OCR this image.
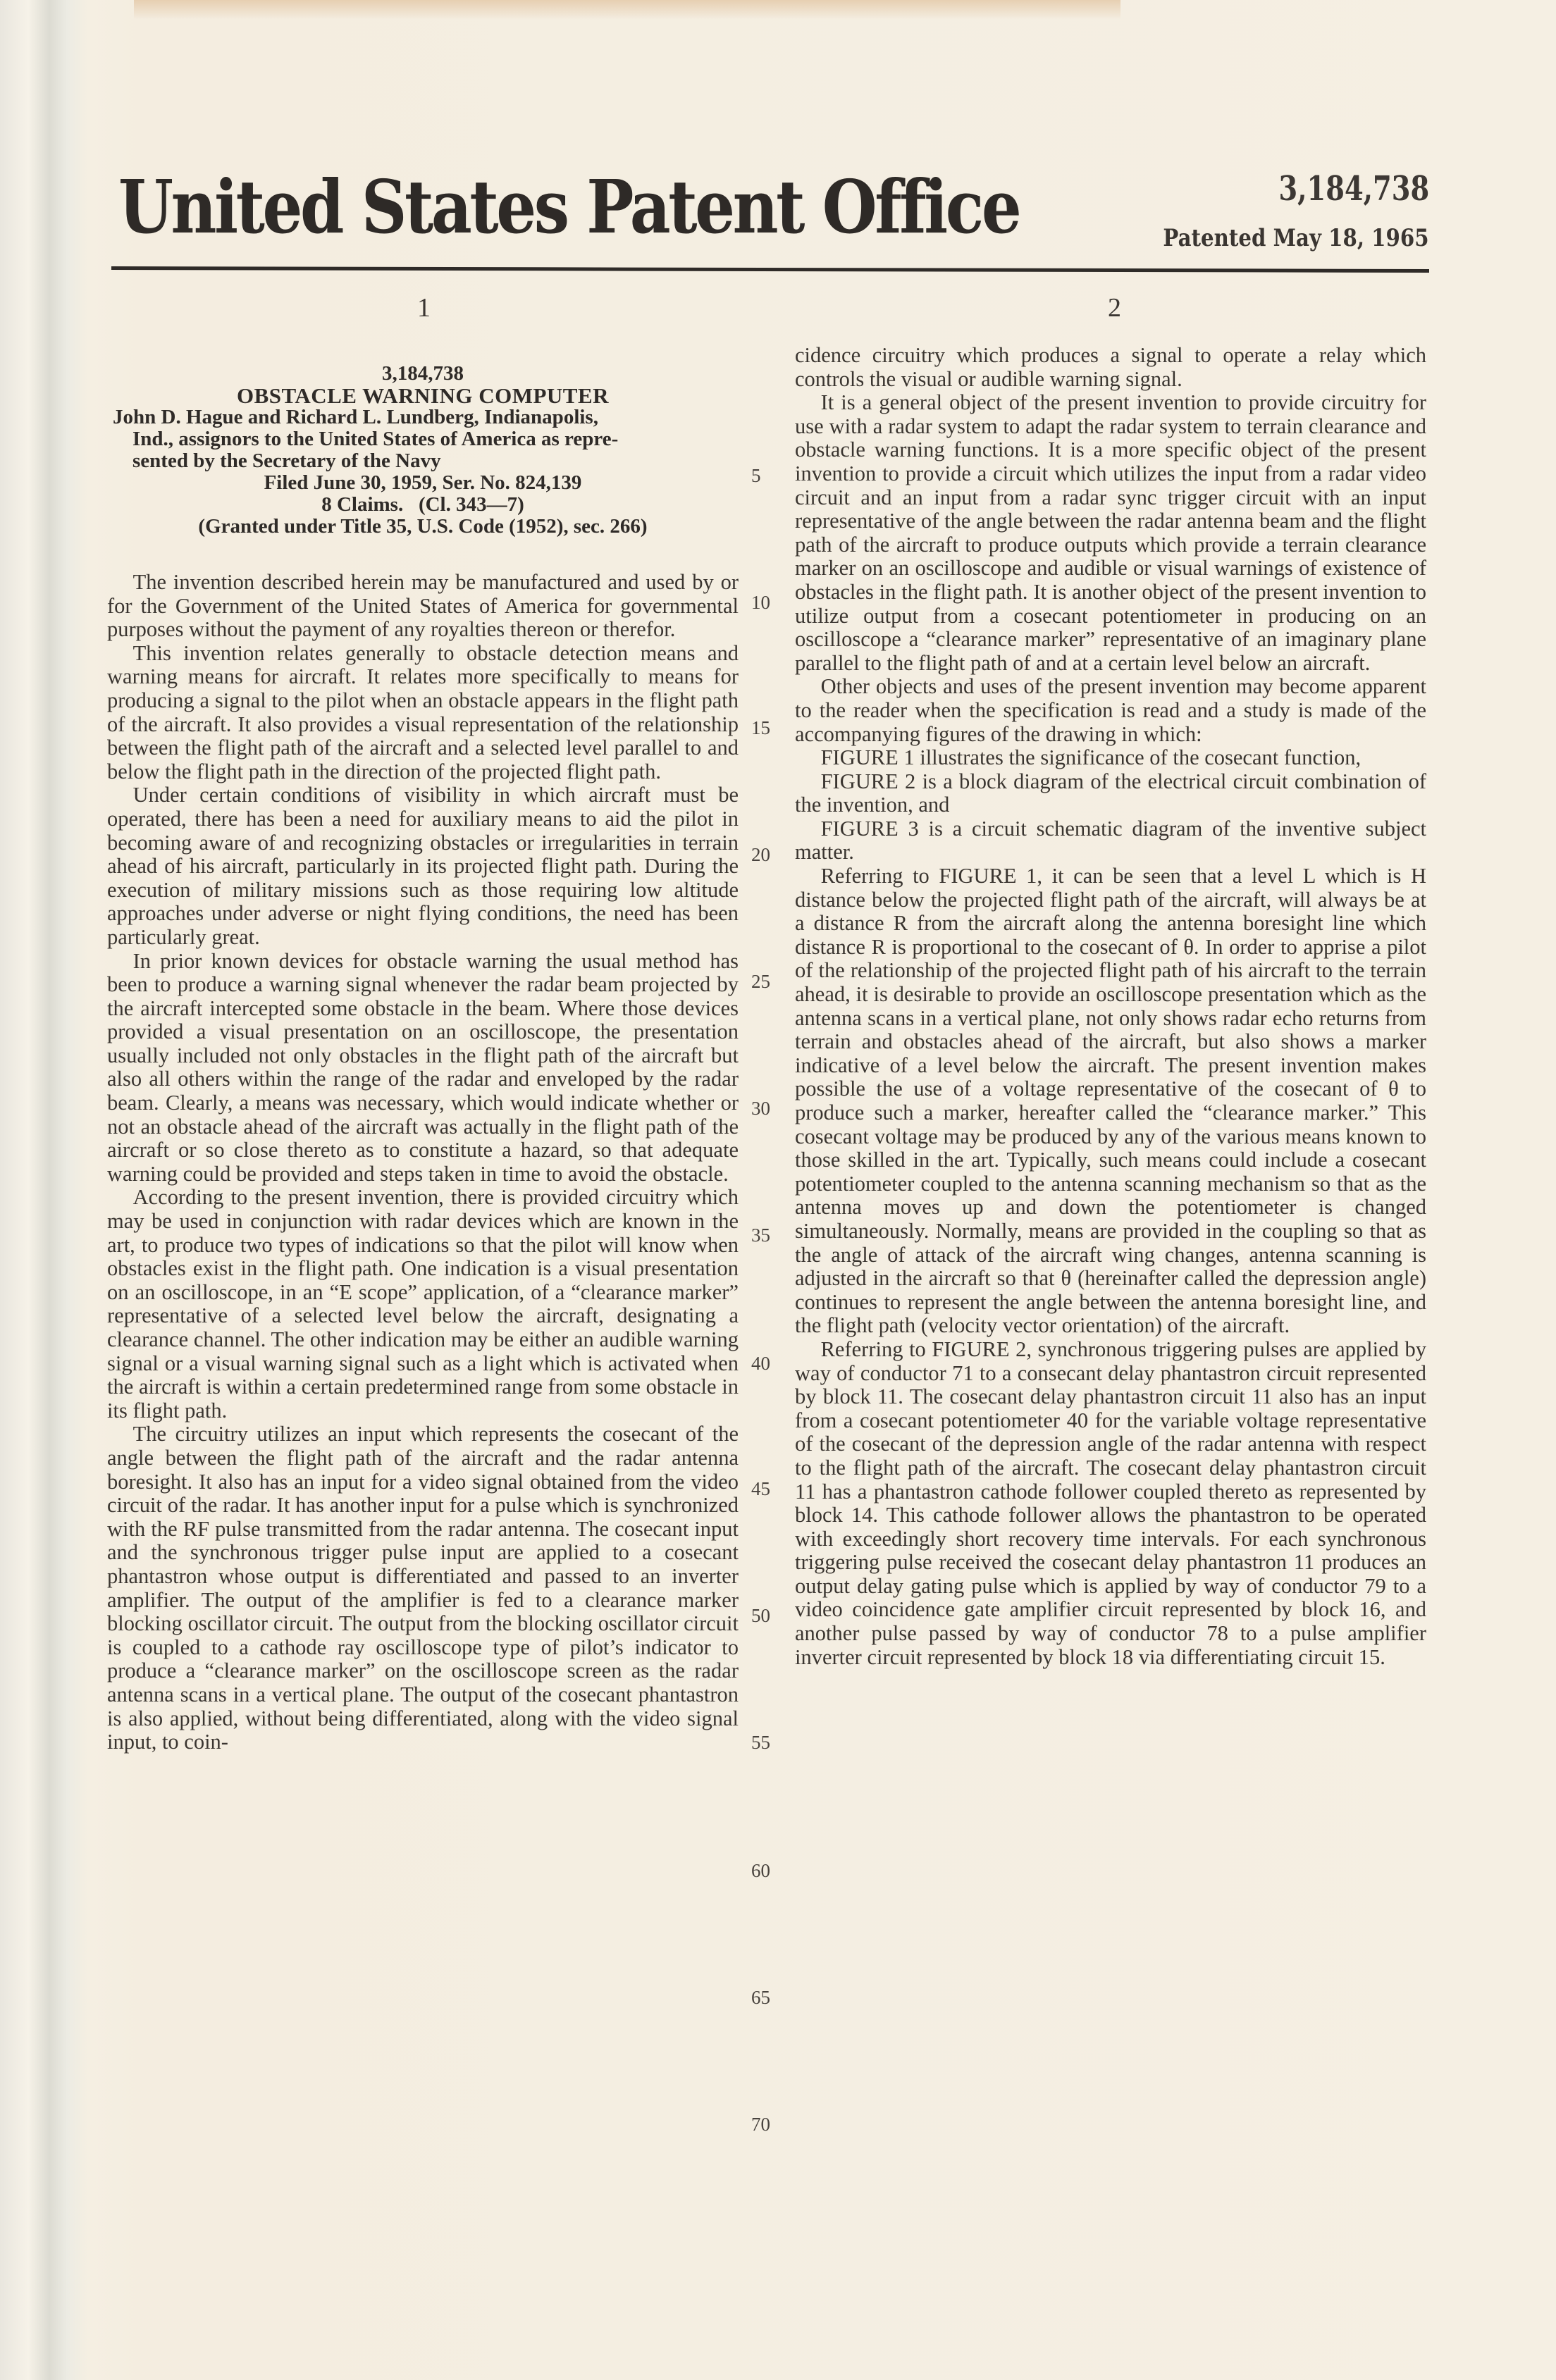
United States Patent Office	3,184,738
Patented May 18, 1965
1	2
3,184,738
OBSTACLE WARNING COMPUTER
John D. Hague and Richard L. Lundberg, Indianapolis,
Ind., assignors to the United States of America as repre-
sented by the Secretary of the Navy
Filed June 30, 1959, Ser. No. 824,139
8 Claims.   (Cl. 343—7)
(Granted under Title 35, U.S. Code (1952), sec. 266)

The invention described herein may be manufactured and used by or for the Government of the United States of America for governmental purposes without the payment of any royalties thereon or therefor.

This invention relates generally to obstacle detection means and warning means for aircraft. It relates more specifically to means for producing a signal to the pilot when an obstacle appears in the flight path of the aircraft. It also provides a visual representation of the relationship between the flight path of the aircraft and a selected level parallel to and below the flight path in the direction of the projected flight path.

Under certain conditions of visibility in which aircraft must be operated, there has been a need for auxiliary means to aid the pilot in becoming aware of and recognizing obstacles or irregularities in terrain ahead of his aircraft, particularly in its projected flight path. During the execution of military missions such as those requiring low altitude approaches under adverse or night flying conditions, the need has been particularly great.

In prior known devices for obstacle warning the usual method has been to produce a warning signal whenever the radar beam projected by the aircraft intercepted some obstacle in the beam. Where those devices provided a visual presentation on an oscilloscope, the presentation usually included not only obstacles in the flight path of the aircraft but also all others within the range of the radar and enveloped by the radar beam. Clearly, a means was necessary, which would indicate whether or not an obstacle ahead of the aircraft was actually in the flight path of the aircraft or so close thereto as to constitute a hazard, so that adequate warning could be provided and steps taken in time to avoid the obstacle.

According to the present invention, there is provided circuitry which may be used in conjunction with radar devices which are known in the art, to produce two types of indications so that the pilot will know when obstacles exist in the flight path. One indication is a visual presentation on an oscilloscope, in an “E scope” application, of a “clearance marker” representative of a selected level below the aircraft, designating a clearance channel. The other indication may be either an audible warning signal or a visual warning signal such as a light which is activated when the aircraft is within a certain predetermined range from some obstacle in its flight path.

The circuitry utilizes an input which represents the cosecant of the angle between the flight path of the aircraft and the radar antenna boresight. It also has an input for a video signal obtained from the video circuit of the radar. It has another input for a pulse which is synchronized with the RF pulse transmitted from the radar antenna. The cosecant input and the synchronous trigger pulse input are applied to a cosecant phantastron whose output is differentiated and passed to an inverter amplifier. The output of the amplifier is fed to a clearance marker blocking oscillator circuit. The output from the blocking oscillator circuit is coupled to a cathode ray oscilloscope type of pilot’s indicator to produce a “clearance marker” on the oscilloscope screen as the radar antenna scans in a vertical plane. The output of the cosecant phantastron is also applied, without being differentiated, along with the video signal input, to coin-

cidence circuitry which produces a signal to operate a relay which controls the visual or audible warning signal.

It is a general object of the present invention to provide circuitry for use with a radar system to adapt the radar system to terrain clearance and obstacle warning functions. It is a more specific object of the present invention to provide a circuit which utilizes the input from a radar video circuit and an input from a radar sync trigger circuit with an input representative of the angle between the radar antenna beam and the flight path of the aircraft to produce outputs which provide a terrain clearance marker on an oscilloscope and audible or visual warnings of existence of obstacles in the flight path. It is another object of the present invention to utilize output from a cosecant potentiometer in producing on an oscilloscope a “clearance marker” representative of an imaginary plane parallel to the flight path of and at a certain level below an aircraft.

Other objects and uses of the present invention may become apparent to the reader when the specification is read and a study is made of the accompanying figures of the drawing in which:

FIGURE 1 illustrates the significance of the cosecant function,

FIGURE 2 is a block diagram of the electrical circuit combination of the invention, and

FIGURE 3 is a circuit schematic diagram of the inventive subject matter.

Referring to FIGURE 1, it can be seen that a level L which is H distance below the projected flight path of the aircraft, will always be at a distance R from the aircraft along the antenna boresight line which distance R is proportional to the cosecant of θ. In order to apprise a pilot of the relationship of the projected flight path of his aircraft to the terrain ahead, it is desirable to provide an oscilloscope presentation which as the antenna scans in a vertical plane, not only shows radar echo returns from terrain and obstacles ahead of the aircraft, but also shows a marker indicative of a level below the aircraft. The present invention makes possible the use of a voltage representative of the cosecant of θ to produce such a marker, hereafter called the “clearance marker.” This cosecant voltage may be produced by any of the various means known to those skilled in the art. Typically, such means could include a cosecant potentiometer coupled to the antenna scanning mechanism so that as the antenna moves up and down the potentiometer is changed simultaneously. Normally, means are provided in the coupling so that as the angle of attack of the aircraft wing changes, antenna scanning is adjusted in the aircraft so that θ (hereinafter called the depression angle) continues to represent the angle between the antenna boresight line, and the flight path (velocity vector orientation) of the aircraft.

Referring to FIGURE 2, synchronous triggering pulses are applied by way of conductor 71 to a consecant delay phantastron circuit represented by block 11. The cosecant delay phantastron circuit 11 also has an input from a cosecant potentiometer 40 for the variable voltage representative of the cosecant of the depression angle of the radar antenna with respect to the flight path of the aircraft. The cosecant delay phantastron circuit 11 has a phantastron cathode follower coupled thereto as represented by block 14. This cathode follower allows the phantastron to be operated with exceedingly short recovery time intervals. For each synchronous triggering pulse received the cosecant delay phantastron 11 produces an output delay gating pulse which is applied by way of conductor 79 to a video coincidence gate amplifier circuit represented by block 16, and another pulse passed by way of conductor 78 to a pulse amplifier inverter circuit represented by block 18 via differentiating circuit 15.

5
10
15
20
25
30
35
40
45
50
55
60
65
70
